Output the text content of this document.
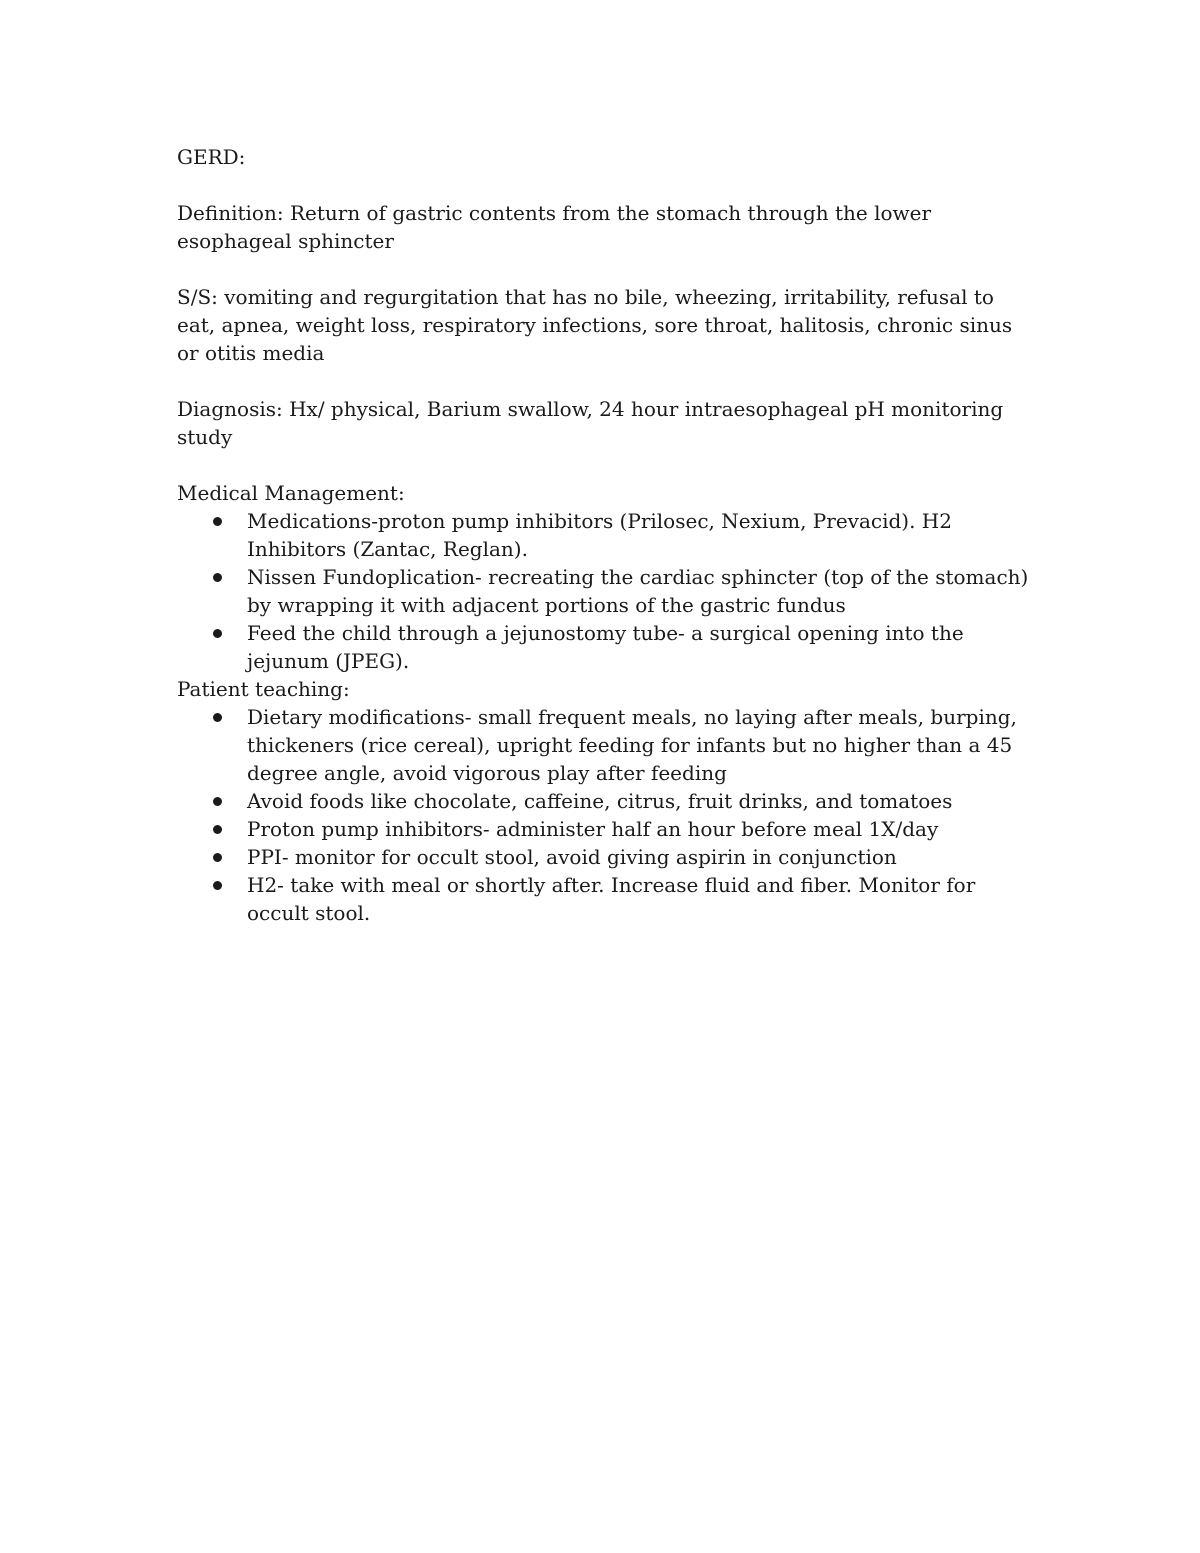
GERD:

Definition: Return of gastric contents from the stomach through the lower esophageal sphincter

S/S: vomiting and regurgitation that has no bile, wheezing, irritability, refusal to eat, apnea, weight loss, respiratory infections, sore throat, halitosis, chronic sinus or otitis media

Diagnosis: Hx/ physical, Barium swallow, 24 hour intraesophageal pH monitoring study

Medical Management:

Medications-proton pump inhibitors (Prilosec, Nexium, Prevacid). H2 Inhibitors (Zantac, Reglan).
Nissen Fundoplication- recreating the cardiac sphincter (top of the stomach) by wrapping it with adjacent portions of the gastric fundus
Feed the child through a jejunostomy tube- a surgical opening into the jejunum (JPEG).

Patient teaching:

Dietary modifications- small frequent meals, no laying after meals, burping, thickeners (rice cereal), upright feeding for infants but no higher than a 45 degree angle, avoid vigorous play after feeding
Avoid foods like chocolate, caffeine, citrus, fruit drinks, and tomatoes
Proton pump inhibitors- administer half an hour before meal 1X/day
PPI- monitor for occult stool, avoid giving aspirin in conjunction
H2- take with meal or shortly after. Increase fluid and fiber. Monitor for occult stool.
